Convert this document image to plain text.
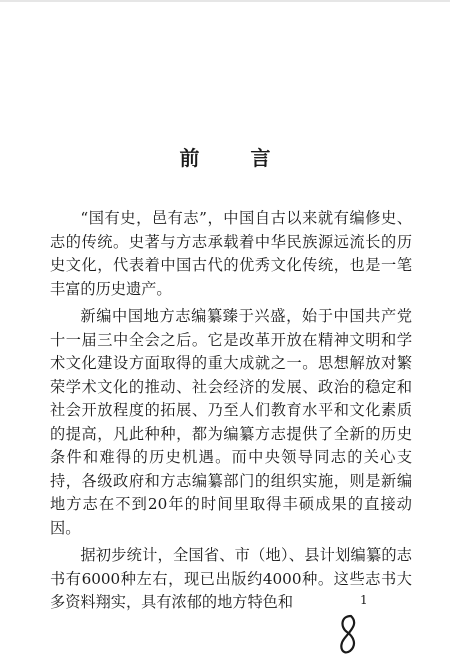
前 言

“国有史，邑有志”，中国自古以来就有编修史、志的传统。史著与方志承载着中华民族源远流长的历史文化，代表着中国古代的优秀文化传统，也是一笔丰富的历史遗产。

新编中国地方志编纂臻于兴盛，始于中国共产党十一届三中全会之后。它是改革开放在精神文明和学术文化建设方面取得的重大成就之一。思想解放对繁荣学术文化的推动、社会经济的发展、政治的稳定和社会开放程度的拓展、乃至人们教育水平和文化素质的提高，凡此种种，都为编纂方志提供了全新的历史条件和难得的历史机遇。而中央领导同志的关心支持，各级政府和方志编纂部门的组织实施，则是新编地方志在不到20年的时间里取得丰硕成果的直接动因。

据初步统计，全国省、市（地）、县计划编纂的志书有6000种左右，现已出版约4000种。这些志书大多资料翔实，具有浓郁的地方特色和	1
